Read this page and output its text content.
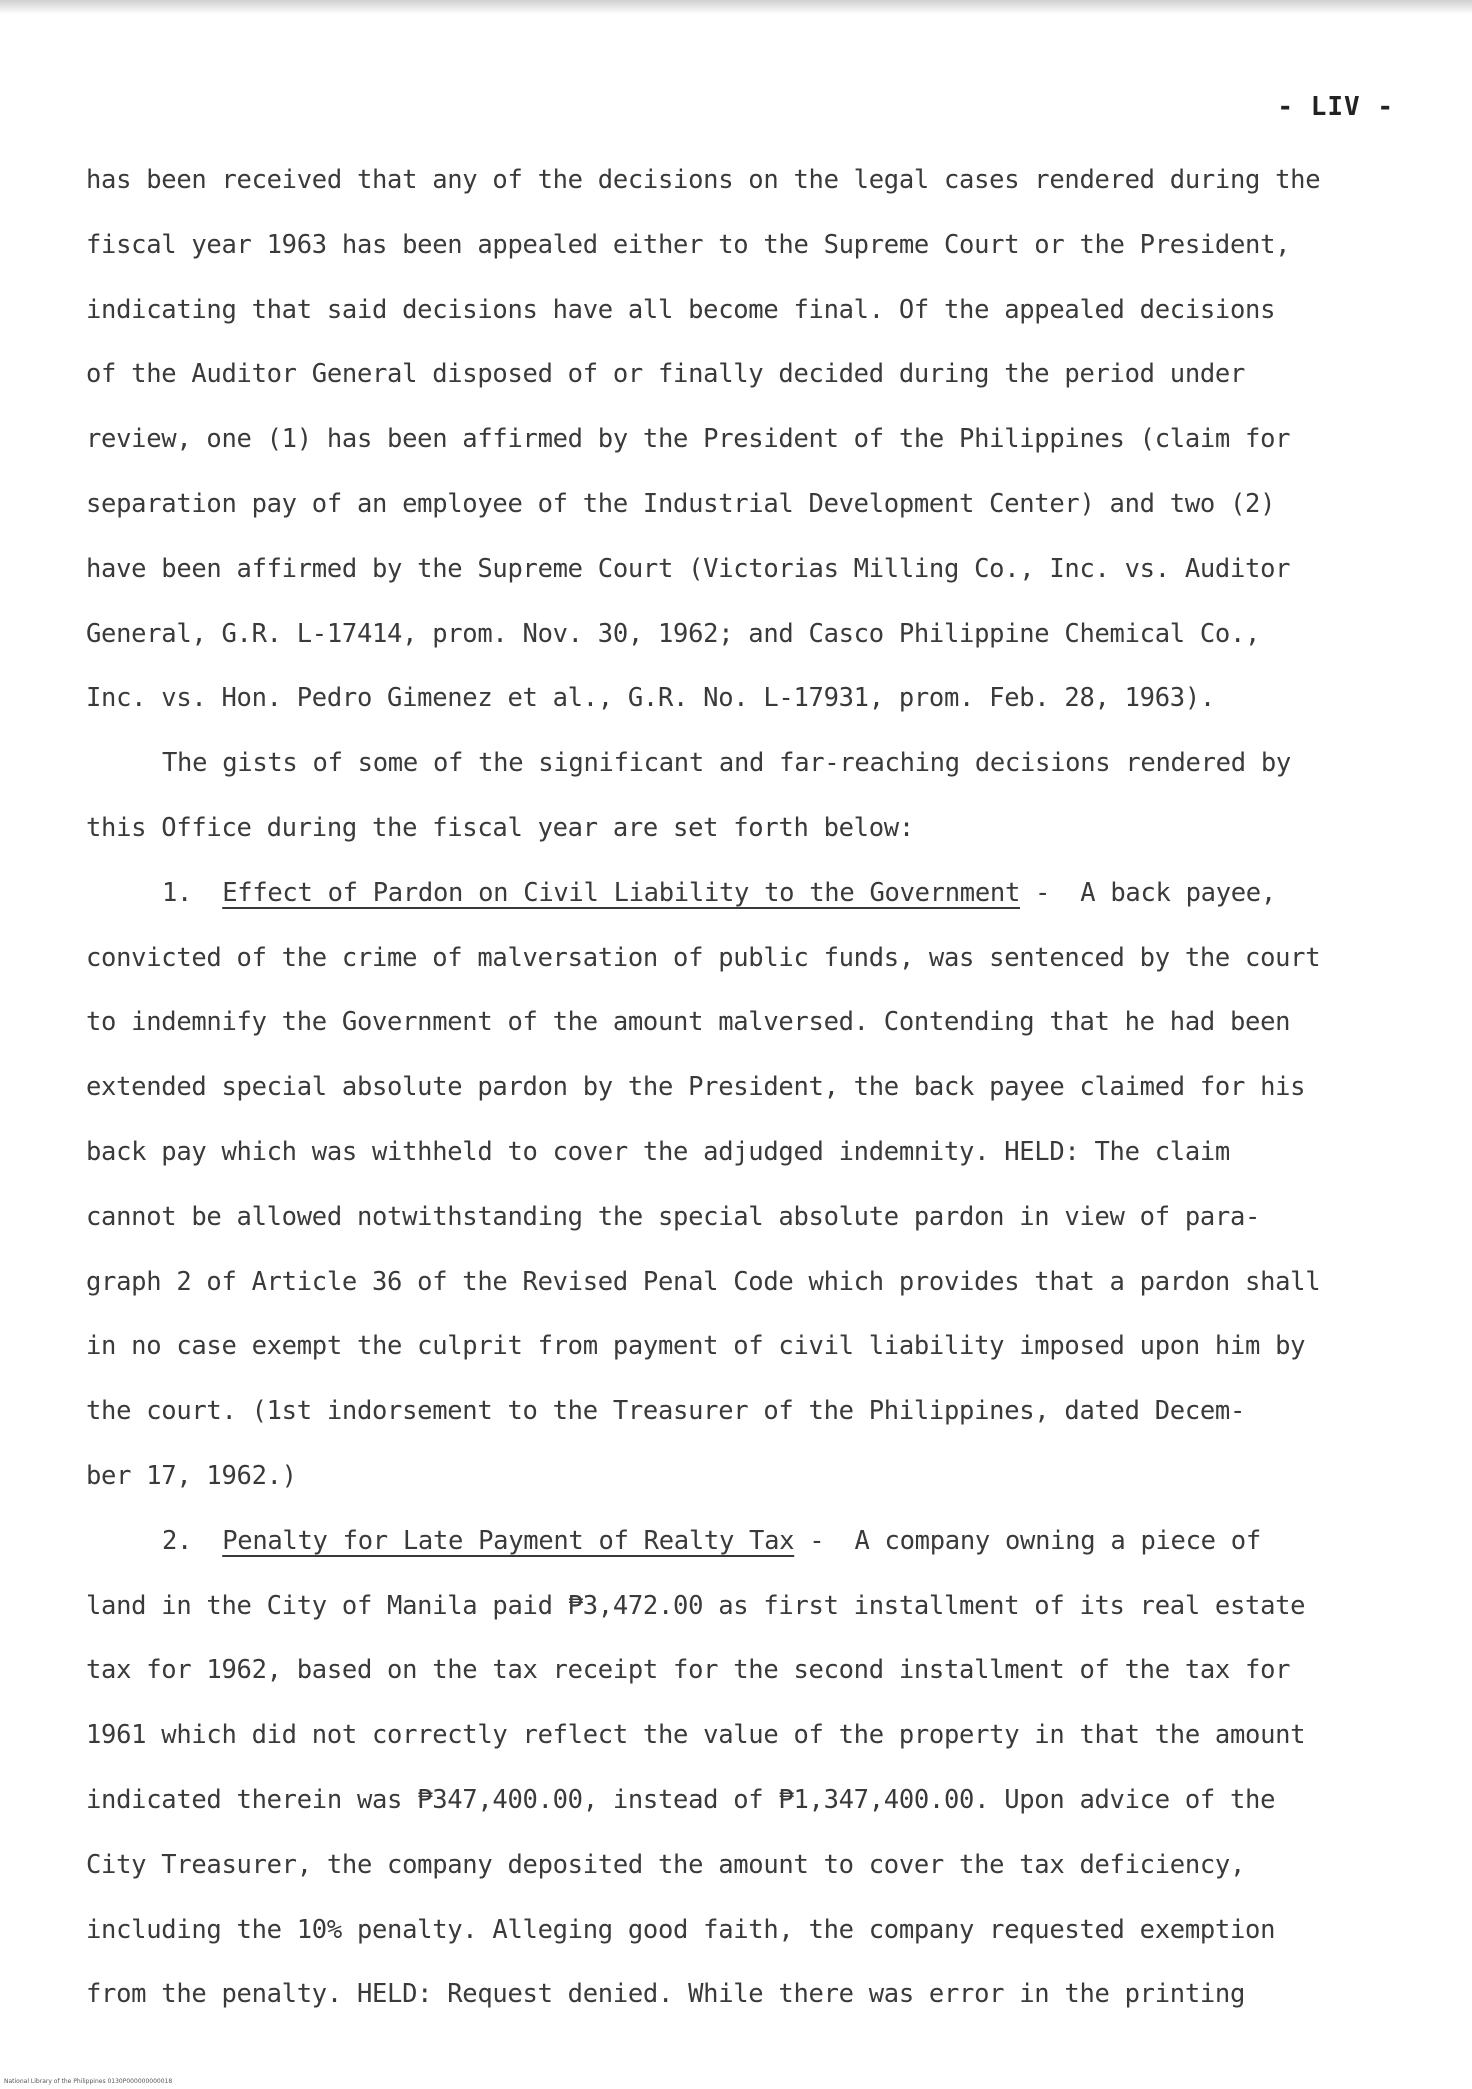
- LIV -
has been received that any of the decisions on the legal cases rendered during the
fiscal year 1963 has been appealed either to the Supreme Court or the President,
indicating that said decisions have all become final. Of the appealed decisions
of the Auditor General disposed of or finally decided during the period under
review, one (1) has been affirmed by the President of the Philippines (claim for
separation pay of an employee of the Industrial Development Center) and two (2)
have been affirmed by the Supreme Court (Victorias Milling Co., Inc. vs. Auditor
General, G.R. L-17414, prom. Nov. 30, 1962; and Casco Philippine Chemical Co.,
Inc. vs. Hon. Pedro Gimenez et al., G.R. No. L-17931, prom. Feb. 28, 1963).
The gists of some of the significant and far-reaching decisions rendered by
this Office during the fiscal year are set forth below:
1. Effect of Pardon on Civil Liability to the Government -  A back payee,
convicted of the crime of malversation of public funds, was sentenced by the court
to indemnify the Government of the amount malversed. Contending that he had been
extended special absolute pardon by the President, the back payee claimed for his
back pay which was withheld to cover the adjudged indemnity. HELD: The claim
cannot be allowed notwithstanding the special absolute pardon in view of para-
graph 2 of Article 36 of the Revised Penal Code which provides that a pardon shall
in no case exempt the culprit from payment of civil liability imposed upon him by
the court. (1st indorsement to the Treasurer of the Philippines, dated Decem-
ber 17, 1962.)
2. Penalty for Late Payment of Realty Tax -  A company owning a piece of
land in the City of Manila paid ₱3,472.00 as first installment of its real estate
tax for 1962, based on the tax receipt for the second installment of the tax for
1961 which did not correctly reflect the value of the property in that the amount
indicated therein was ₱347,400.00, instead of ₱1,347,400.00. Upon advice of the
City Treasurer, the company deposited the amount to cover the tax deficiency,
including the 10% penalty. Alleging good faith, the company requested exemption
from the penalty. HELD: Request denied. While there was error in the printing
National Library of the Philippines 0130P000000000018
